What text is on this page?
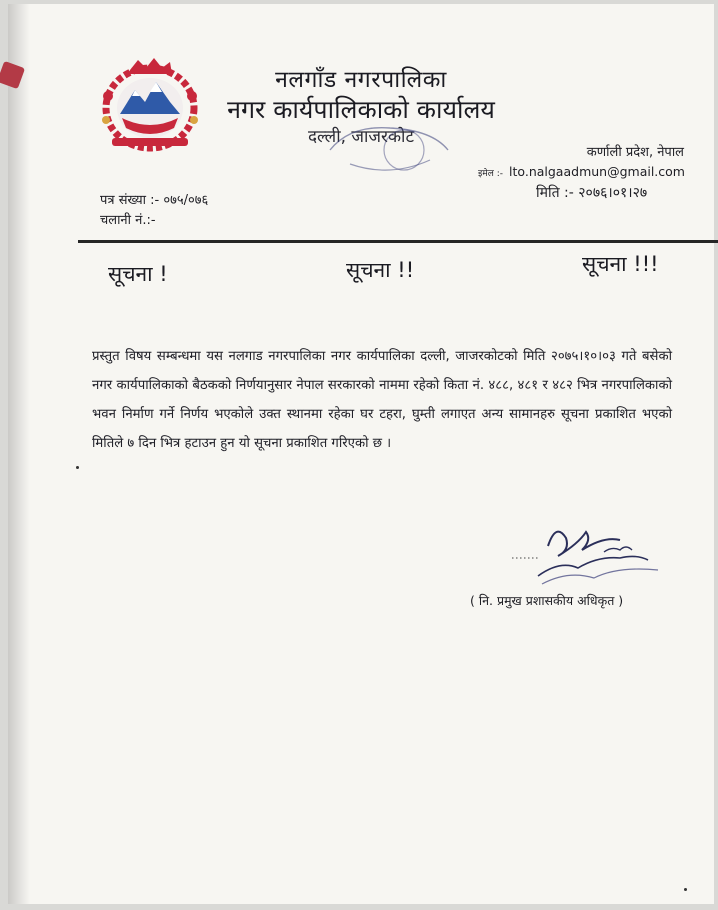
नलगाँड नगरपालिका
नगर कार्यपालिकाको कार्यालय
दल्ली, जाजरकोट
कर्णाली प्रदेश, नेपाल
इमेल :- lto.nalgaadmun@gmail.com
मिति :- २०७६।०१।२७
पत्र संख्या :- ०७५/०७६
चलानी नं.:-
सूचना !	सूचना !!	सूचना !!!
प्रस्तुत विषय सम्बन्धमा यस नलगाड नगरपालिका नगर कार्यपालिका दल्ली, जाजरकोटको मिति २०७५।१०।०३ गते बसेको नगर कार्यपालिकाको बैठकको निर्णयानुसार नेपाल सरकारको नाममा रहेको किता नं. ४८८, ४८१ र ४८२ भित्र नगरपालिकाको भवन निर्माण गर्ने निर्णय भएकोले उक्त स्थानमा रहेका घर टहरा, घुम्ती लगाएत अन्य सामानहरु सूचना प्रकाशित भएको मितिले ७ दिन भित्र हटाउन हुन यो सूचना प्रकाशित गरिएको छ ।
( नि. प्रमुख प्रशासकीय अधिकृत )
